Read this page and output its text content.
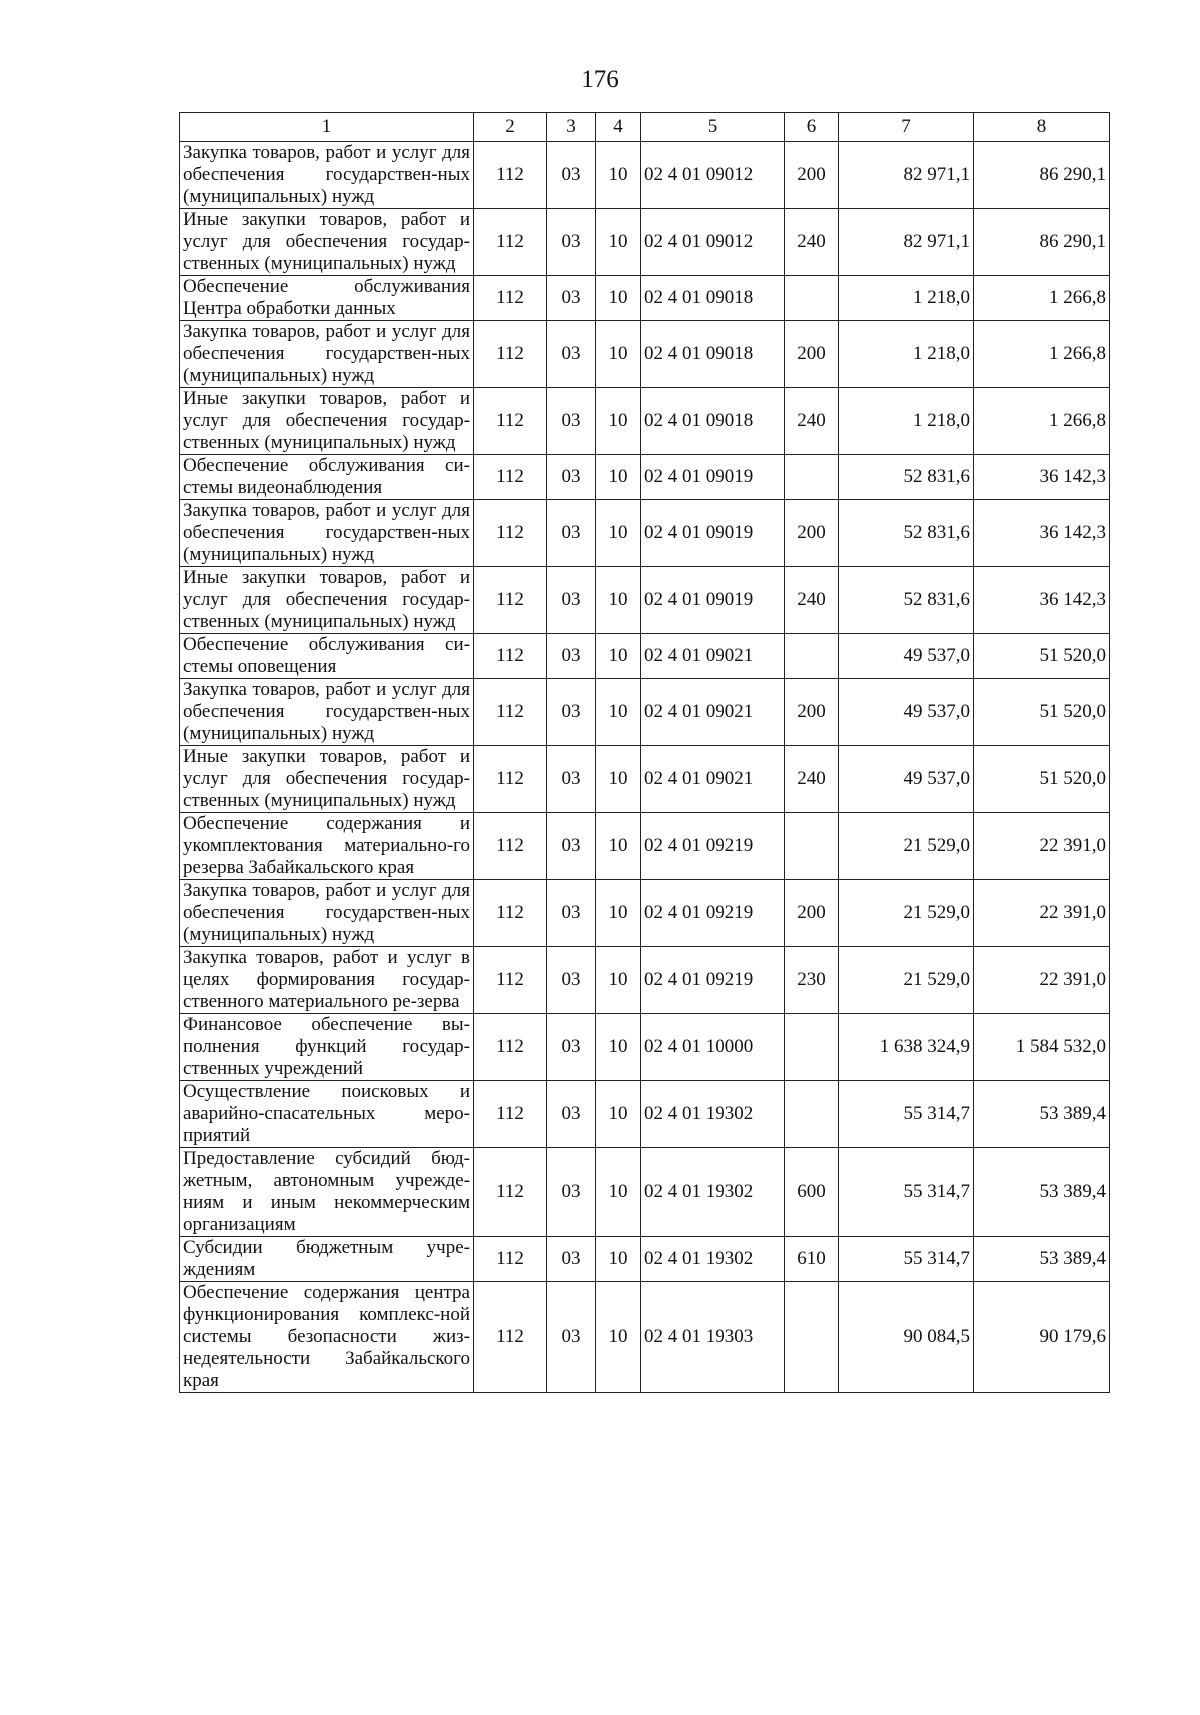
176
1	2	3	4	5	6	7	8
Закупка товаров, работ и услуг для обеспечения государствен-ных (муниципальных) нужд	112	03	10	02 4 01 09012	200	82 971,1	86 290,1
Иные закупки товаров, работ и услуг для обеспечения государ-ственных (муниципальных) нужд	112	03	10	02 4 01 09012	240	82 971,1	86 290,1
Обеспечение обслуживания Центра обработки данных	112	03	10	02 4 01 09018		1 218,0	1 266,8
Закупка товаров, работ и услуг для обеспечения государствен-ных (муниципальных) нужд	112	03	10	02 4 01 09018	200	1 218,0	1 266,8
Иные закупки товаров, работ и услуг для обеспечения государ-ственных (муниципальных) нужд	112	03	10	02 4 01 09018	240	1 218,0	1 266,8
Обеспечение обслуживания си-стемы видеонаблюдения	112	03	10	02 4 01 09019		52 831,6	36 142,3
Закупка товаров, работ и услуг для обеспечения государствен-ных (муниципальных) нужд	112	03	10	02 4 01 09019	200	52 831,6	36 142,3
Иные закупки товаров, работ и услуг для обеспечения государ-ственных (муниципальных) нужд	112	03	10	02 4 01 09019	240	52 831,6	36 142,3
Обеспечение обслуживания си-стемы оповещения	112	03	10	02 4 01 09021		49 537,0	51 520,0
Закупка товаров, работ и услуг для обеспечения государствен-ных (муниципальных) нужд	112	03	10	02 4 01 09021	200	49 537,0	51 520,0
Иные закупки товаров, работ и услуг для обеспечения государ-ственных (муниципальных) нужд	112	03	10	02 4 01 09021	240	49 537,0	51 520,0
Обеспечение содержания и укомплектования материально-го резерва Забайкальского края	112	03	10	02 4 01 09219		21 529,0	22 391,0
Закупка товаров, работ и услуг для обеспечения государствен-ных (муниципальных) нужд	112	03	10	02 4 01 09219	200	21 529,0	22 391,0
Закупка товаров, работ и услуг в целях формирования государ-ственного материального ре-зерва	112	03	10	02 4 01 09219	230	21 529,0	22 391,0
Финансовое обеспечение вы-полнения функций государ-ственных учреждений	112	03	10	02 4 01 10000		1 638 324,9	1 584 532,0
Осуществление поисковых и аварийно-спасательных меро-приятий	112	03	10	02 4 01 19302		55 314,7	53 389,4
Предоставление субсидий бюд-жетным, автономным учрежде-ниям и иным некоммерческим организациям	112	03	10	02 4 01 19302	600	55 314,7	53 389,4
Субсидии бюджетным учре-ждениям	112	03	10	02 4 01 19302	610	55 314,7	53 389,4
Обеспечение содержания центра функционирования комплекс-ной системы безопасности жиз-недеятельности Забайкальского края	112	03	10	02 4 01 19303		90 084,5	90 179,6
